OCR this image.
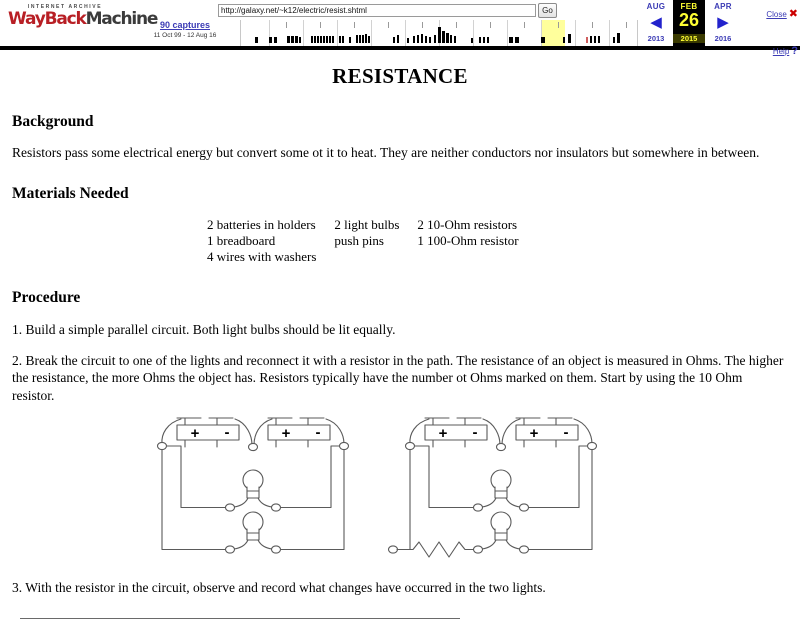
INTERNET ARCHIVE
WayBackMachine 90 captures
11 Oct 99 - 12 Aug 16
http://galaxy.net/~k12/electric/resist.shtml
Go	AUG
◀
2013
FEB
26
2015
APR
▶
2016
Close ✖
Help ?
RESISTANCE
Background

Resistors pass some electrical energy but convert some ot it to heat. They are neither conductors nor insulators but somewhere in between.

Materials Needed
2 batteries in holders	2 light bulbs	2 10-Ohm resistors
1 breadboard	push pins	1 100-Ohm resistor
4 wires with washers		
Procedure

1. Build a simple parallel circuit. Both light bulbs should be lit equally.

2. Break the circuit to one of the lights and reconnect it with a resistor in the path. The resistance of an object is measured in Ohms. The higher the resistance, the more Ohms the object has. Resistors typically have the number ot Ohms marked on them. Start by using the 10 Ohm resistor.

+ -	+ -	+ -	+ -

3. With the resistor in the circuit, observe and record what changes have occurred in the two lights.
